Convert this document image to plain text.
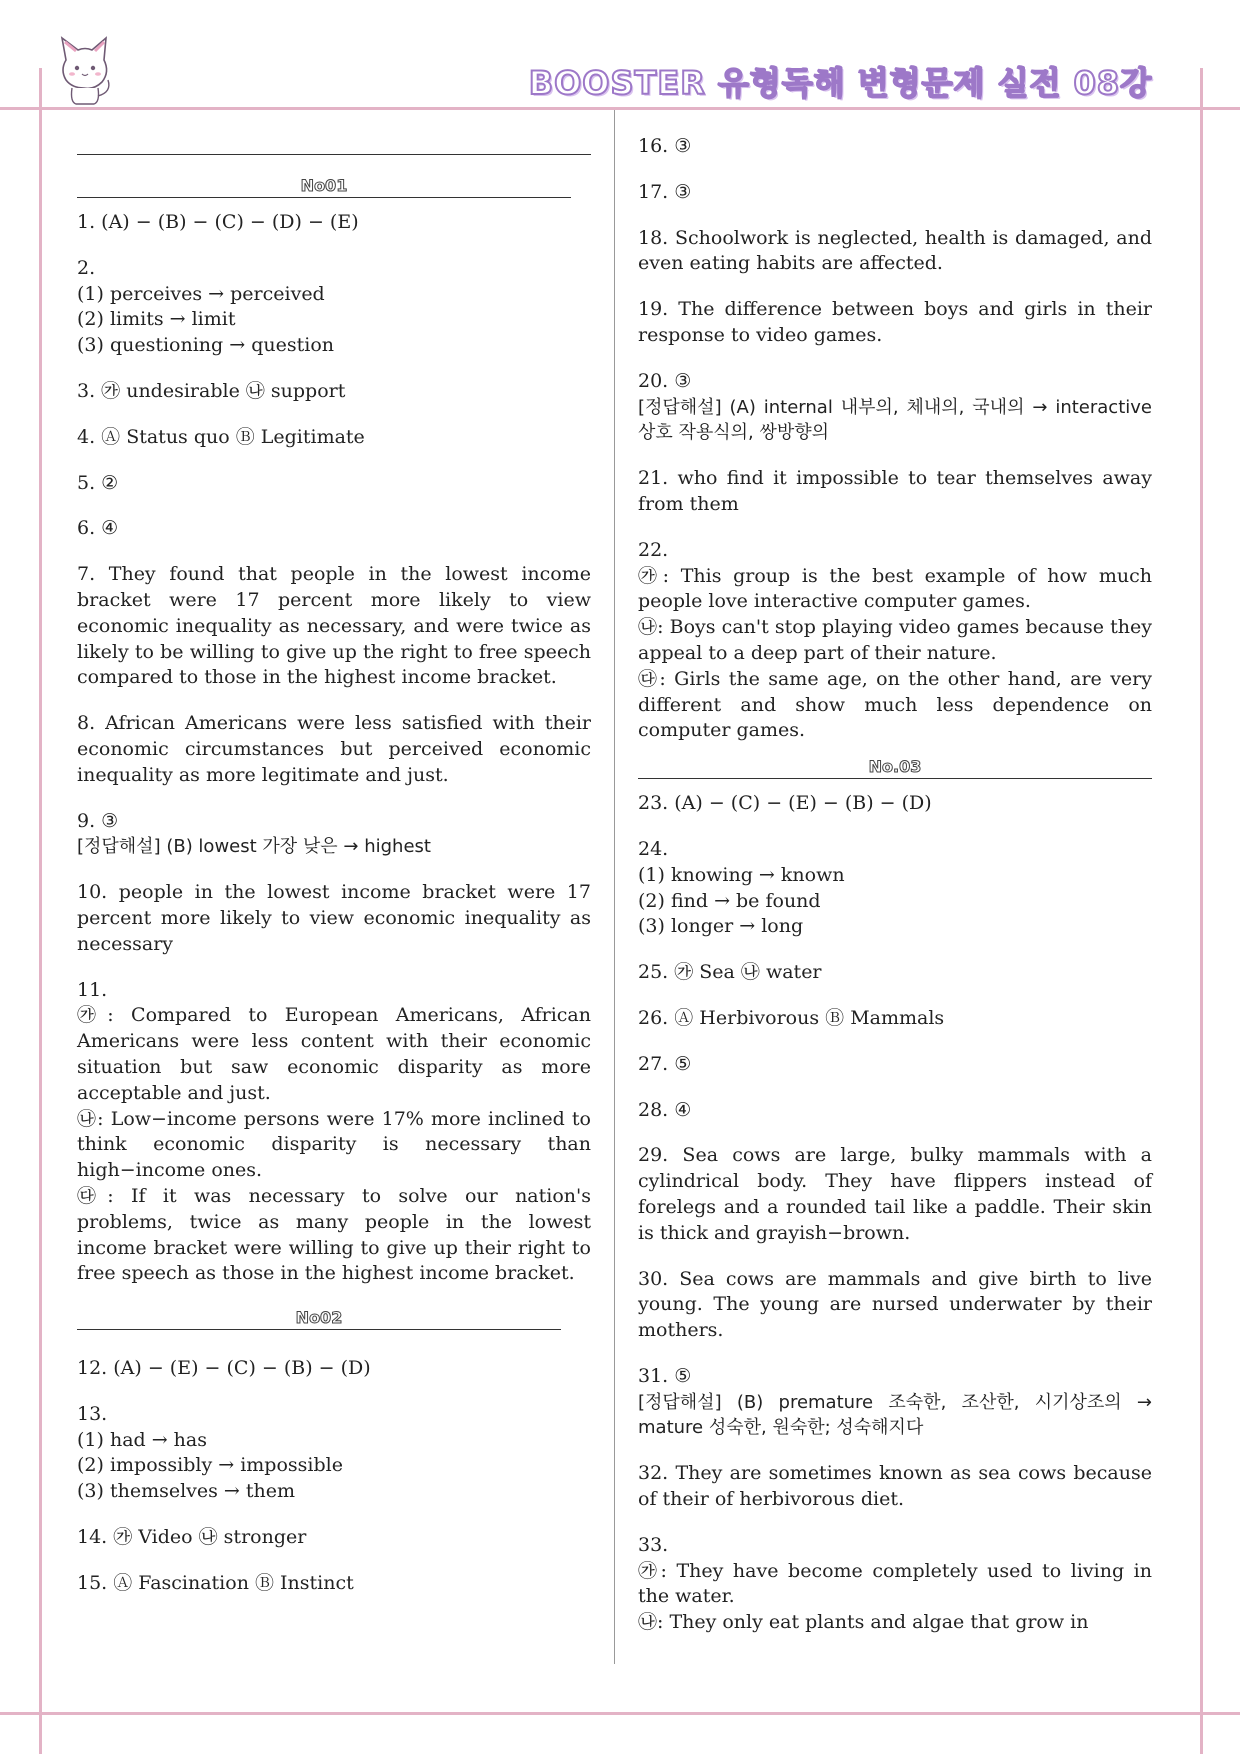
BOOSTER 유형독해 변형문제 실전 08강
No01
1. (A) − (B) − (C) − (D) − (E)
2.
(1) perceives → perceived
(2) limits → limit
(3) questioning → question
3. ㉮ undesirable ㉯ support
4. Ⓐ Status quo Ⓑ Legitimate
5. ②
6. ④
7. They found that people in the lowest income bracket were 17 percent more likely to view economic inequality as necessary, and were twice as likely to be willing to give up the right to free speech compared to those in the highest income bracket.
8. African Americans were less satisfied with their economic circumstances but perceived economic inequality as more legitimate and just.
9. ③
[정답해설] (B) lowest 가장 낮은 → highest
10. people in the lowest income bracket were 17 percent more likely to view economic inequality as necessary
11.
㉮: Compared to European Americans, African Americans were less content with their economic situation but saw economic disparity as more acceptable and just.
㉯: Low−income persons were 17% more inclined to think economic disparity is necessary than high−income ones.
㉰: If it was necessary to solve our nation's problems, twice as many people in the lowest income bracket were willing to give up their right to free speech as those in the highest income bracket.
No02
12. (A) − (E) − (C) − (B) − (D)
13.
(1) had → has
(2) impossibly → impossible
(3) themselves → them
14. ㉮ Video ㉯ stronger
15. Ⓐ Fascination Ⓑ Instinct
16. ③
17. ③
18. Schoolwork is neglected, health is damaged, and even eating habits are affected.
19. The difference between boys and girls in their response to video games.
20. ③
[정답해설] (A) internal 내부의, 체내의, 국내의 → interactive 상호 작용식의, 쌍방향의
21. who find it impossible to tear themselves away from them
22.
㉮: This group is the best example of how much people love interactive computer games.
㉯: Boys can't stop playing video games because they appeal to a deep part of their nature.
㉰: Girls the same age, on the other hand, are very different and show much less dependence on computer games.
No.03
23. (A) − (C) − (E) − (B) − (D)
24.
(1) knowing → known
(2) find → be found
(3) longer → long
25. ㉮ Sea ㉯ water
26. Ⓐ Herbivorous Ⓑ Mammals
27. ⑤
28. ④
29. Sea cows are large, bulky mammals with a cylindrical body. They have flippers instead of forelegs and a rounded tail like a paddle. Their skin is thick and grayish−brown.
30. Sea cows are mammals and give birth to live young. The young are nursed underwater by their mothers.
31. ⑤
[정답해설] (B) premature 조숙한, 조산한, 시기상조의 → mature 성숙한, 원숙한; 성숙해지다
32. They are sometimes known as sea cows because of their of herbivorous diet.
33.
㉮: They have become completely used to living in the water.
㉯: They only eat plants and algae that grow in
